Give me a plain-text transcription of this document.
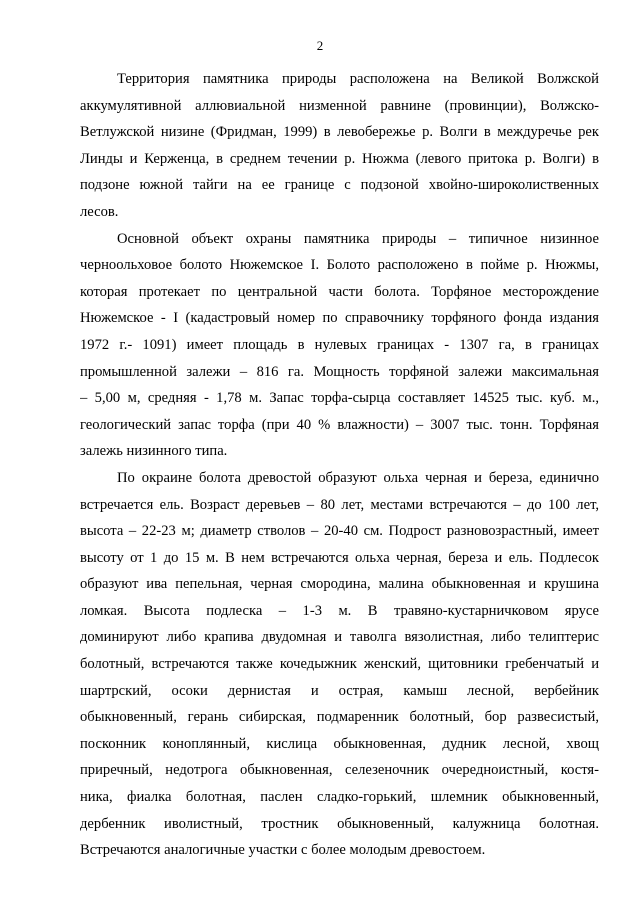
2
Территория памятника природы расположена на Великой Волжской
аккумулятивной аллювиальной низменной равнине (провинции), Волжско-
Ветлужской низине (Фридман, 1999) в левобережье р. Волги в междуречье рек
Линды и Керженца, в среднем течении р. Нюжма (левого притока р. Волги) в
подзоне южной тайги на ее границе с подзоной хвойно-широколиственных
лесов.
Основной объект охраны памятника природы – типичное низинное
черноольховое болото Нюжемское I. Болото расположено в пойме р. Нюжмы,
которая протекает по центральной части болота. Торфяное месторождение
Нюжемское - I (кадастровый номер по справочнику торфяного фонда издания
1972 г.- 1091) имеет площадь в нулевых границах - 1307 га, в границах
промышленной залежи – 816 га. Мощность торфяной залежи максимальная
– 5,00 м, средняя - 1,78 м. Запас торфа-сырца составляет 14525 тыс. куб. м.,
геологический запас торфа (при 40 % влажности) – 3007 тыс. тонн. Торфяная
залежь низинного типа.
По окраине болота древостой образуют ольха черная и береза, единично
встречается ель. Возраст деревьев – 80 лет, местами встречаются – до 100 лет,
высота – 22-23 м; диаметр стволов – 20-40 см. Подрост разновозрастный, имеет
высоту от 1 до 15 м. В нем встречаются ольха черная, береза и ель. Подлесок
образуют ива пепельная, черная смородина, малина обыкновенная и крушина
ломкая. Высота подлеска – 1-3 м. В травяно-кустарничковом ярусе
доминируют либо крапива двудомная и таволга вязолистная, либо телиптерис
болотный, встречаются также кочедыжник женский, щитовники гребенчатый и
шартрский, осоки дернистая и острая, камыш лесной, вербейник
обыкновенный, герань сибирская, подмаренник болотный, бор развесистый,
посконник коноплянный, кислица обыкновенная, дудник лесной, хвощ
приречный, недотрога обыкновенная, селезеночник очередноистный, костя-
ника, фиалка болотная, паслен сладко-горький, шлемник обыкновенный,
дербенник иволистный, тростник обыкновенный, калужница болотная.
Встречаются аналогичные участки с более молодым древостоем.
